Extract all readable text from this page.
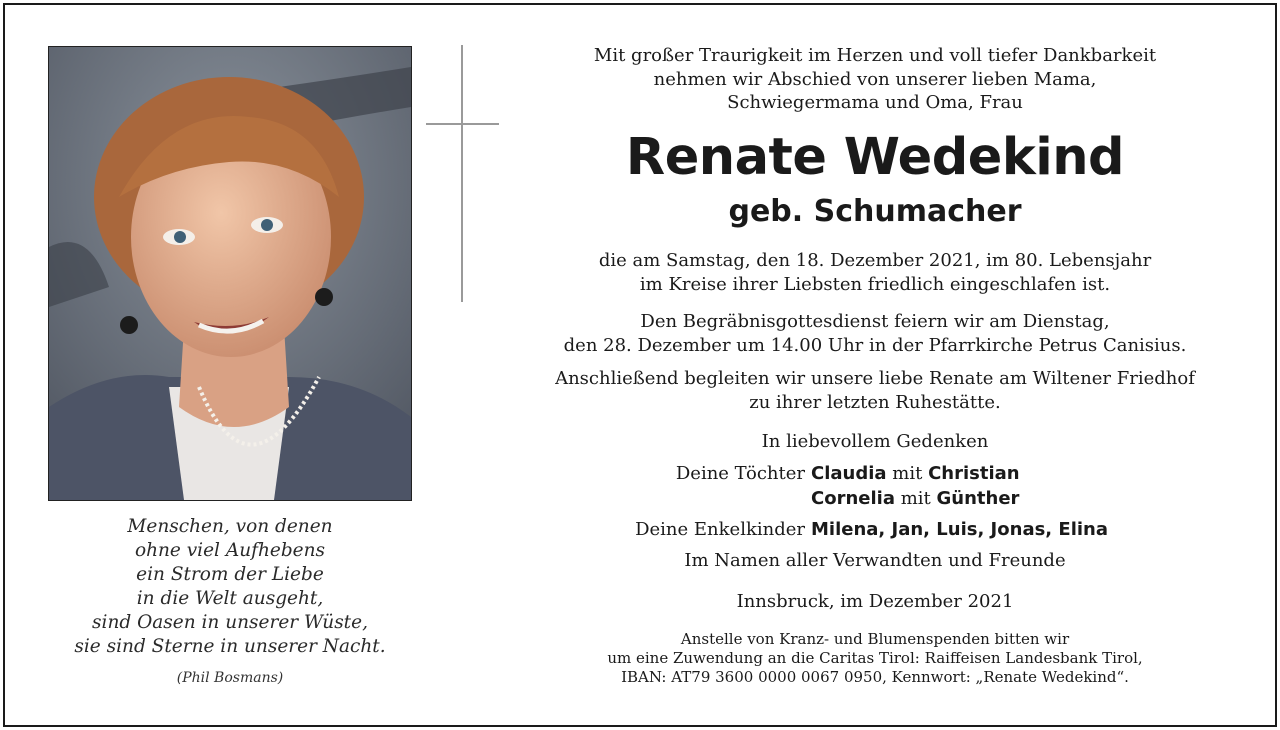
Menschen, von denen
ohne viel Aufhebens
ein Strom der Liebe
in die Welt ausgeht,
sind Oasen in unserer Wüste,
sie sind Sterne in unserer Nacht.
(Phil Bosmans)
Mit großer Traurigkeit im Herzen und voll tiefer Dankbarkeit
nehmen wir Abschied von unserer lieben Mama,
Schwiegermama und Oma, Frau
Renate Wedekind
geb. Schumacher
die am Samstag, den 18. Dezember 2021, im 80. Lebensjahr
im Kreise ihrer Liebsten friedlich eingeschlafen ist.
Den Begräbnisgottesdienst feiern wir am Dienstag,
den 28. Dezember um 14.00 Uhr in der Pfarrkirche Petrus Canisius.
Anschließend begleiten wir unsere liebe Renate am Wiltener Friedhof
zu ihrer letzten Ruhestätte.
In liebevollem Gedenken
Deine Töchter Claudia mit Christian
Cornelia mit Günther
Deine Enkelkinder Milena, Jan, Luis, Jonas, Elina
Im Namen aller Verwandten und Freunde
Innsbruck, im Dezember 2021
Anstelle von Kranz- und Blumenspenden bitten wir
um eine Zuwendung an die Caritas Tirol: Raiffeisen Landesbank Tirol,
IBAN: AT79 3600 0000 0067 0950, Kennwort: „Renate Wedekind“.
